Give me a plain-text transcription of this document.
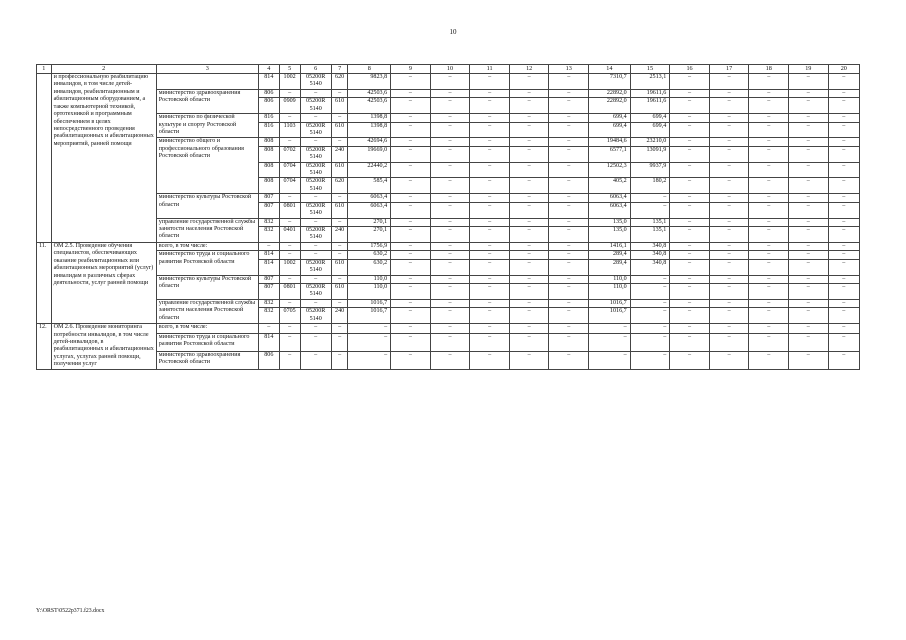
10
1	2	3	4	5	6	7	8	9	10	11	12	13	14	15	16	17	18	19	20
	и профессиональную реабилитацию инвалидов, в том числе детей-инвалидов, реабилитационным и абилитационным оборудованием, а также компьютерной техникой, ортотехникой и программным обеспечением в целях непосредственного проведения реабилитационных и абилитационных мероприятий, ранней помощи		814	1002	05200R 5140	620	9823,8	–	–	–	–	–	7310,7	2513,1	–	–	–	–	–
		министерство здравоохранения Ростовской области	806	–	–	–	42503,6	–	–	–	–	–	22892,0	19611,6	–	–	–	–	–
			806	0909	05200R 5140	610	42503,6	–	–	–	–	–	22892,0	19611,6	–	–	–	–	–
		министерство по физической культуре и спорту Ростовской области	816	–	–	–	1398,8	–	–	–	–	–	699,4	699,4	–	–	–	–	–
			816	1103	05200R 5140	610	1398,8	–	–	–	–	–	699,4	699,4	–	–	–	–	–
		министерство общего и профессионального образования Ростовской области	808	–	–	–	42694,6	–	–	–	–	–	19484,6	23210,0	–	–	–	–	–
			808	0702	05200R 5140	240	19669,0	–	–	–	–	–	6577,1	13091,9	–	–	–	–	–
			808	0704	05200R 5140	610	22440,2	–	–	–	–	–	12502,3	9937,9	–	–	–	–	–
			808	0704	05200R 5140	620	585,4	–	–	–	–	–	405,2	180,2	–	–	–	–	–
		министерство культуры Ростовской области	807	–	–	–	6063,4	–	–	–	–	–	6063,4	–	–	–	–	–	–
			807	0801	05200R 5140	610	6063,4	–	–	–	–	–	6063,4	–	–	–	–	–	–
		управление государственной службы занятости населения Ростовской области	832	–	–	–	270,1	–	–	–	–	–	135,0	135,1	–	–	–	–	–
			832	0401	05200R 5140	240	270,1	–	–	–	–	–	135,0	135,1	–	–	–	–	–
11.	ОМ 2.5. Проведение обучения специалистов, обеспечивающих оказание реабилитационных или абилитационных мероприятий (услуг) инвалидам в различных сферах деятельности, услуг ранней помощи	всего, в том числе:	–	–	–	–	1756,9	–	–	–	–	–	1416,1	340,8	–	–	–	–	–
		министерство труда и социального развития Ростовской области	814	–	–	–	630,2	–	–	–	–	–	289,4	340,8	–	–	–	–	–
			814	1002	05200R 5140	610	630,2	–	–	–	–	–	289,4	340,8	–	–	–	–	–
		министерство культуры Ростовской области	807	–	–	–	110,0	–	–	–	–	–	110,0	–	–	–	–	–	–
			807	0801	05200R 5140	610	110,0	–	–	–	–	–	110,0	–	–	–	–	–	–
		управление государственной службы занятости населения Ростовской области	832	–	–	–	1016,7	–	–	–	–	–	1016,7	–	–	–	–	–	–
			832	0705	05200R 5140	240	1016,7	–	–	–	–	–	1016,7	–	–	–	–	–	–
12.	ОМ 2.6. Проведение мониторинга потребности инвалидов, в том числе детей-инвалидов, в реабилитационных и абилитационных услугах, услугах ранней помощи, получения услуг	всего, в том числе:	–	–	–	–	–	–	–	–	–	–	–	–	–	–	–	–	–
		министерство труда и социального развития Ростовской области	814	–	–	–	–	–	–	–	–	–	–	–	–	–	–	–	–
		министерство здравоохранения Ростовской области	806	–	–	–	–	–	–	–	–	–	–	–	–	–	–	–	–
Y:\ORST\0522p371.f23.docx
